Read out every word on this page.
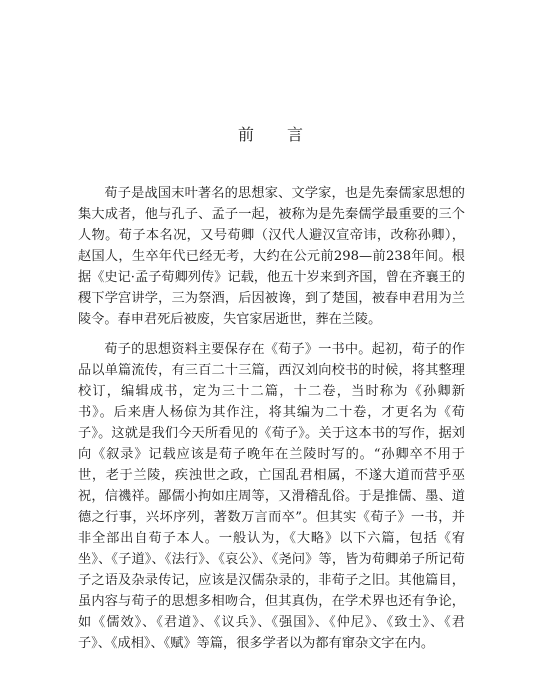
前 言

荀子是战国末叶著名的思想家、文学家，也是先秦儒家思想的集大成者，他与孔子、孟子一起，被称为是先秦儒学最重要的三个人物。荀子本名况，又号荀卿（汉代人避汉宣帝讳，改称孙卿），赵国人，生卒年代已经无考，大约在公元前298—前238年间。根据《史记·孟子荀卿列传》记载，他五十岁来到齐国，曾在齐襄王的稷下学宫讲学，三为祭酒，后因被谗，到了楚国，被春申君用为兰陵令。春申君死后被废，失官家居逝世，葬在兰陵。

荀子的思想资料主要保存在《荀子》一书中。起初，荀子的作品以单篇流传，有三百二十三篇，西汉刘向校书的时候，将其整理校订，编辑成书，定为三十二篇，十二卷，当时称为《孙卿新书》。后来唐人杨倞为其作注，将其编为二十卷，才更名为《荀子》。这就是我们今天所看见的《荀子》。关于这本书的写作，据刘向《叙录》记载应该是荀子晚年在兰陵时写的。“孙卿卒不用于世，老于兰陵，疾浊世之政，亡国乱君相属，不遂大道而营乎巫祝，信禨祥。鄙儒小拘如庄周等，又滑稽乱俗。于是推儒、墨、道德之行事，兴坏序列，著数万言而卒”。但其实《荀子》一书，并非全部出自荀子本人。一般认为，《大略》以下六篇，包括《宥坐》、《子道》、《法行》、《哀公》、《尧问》等，皆为荀卿弟子所记荀子之语及杂录传记，应该是汉儒杂录的，非荀子之旧。其他篇目，虽内容与荀子的思想多相吻合，但其真伪，在学术界也还有争论，如《儒效》、《君道》、《议兵》、《强国》、《仲尼》、《致士》、《君子》、《成相》、《赋》等篇，很多学者以为都有窜杂文字在内。
